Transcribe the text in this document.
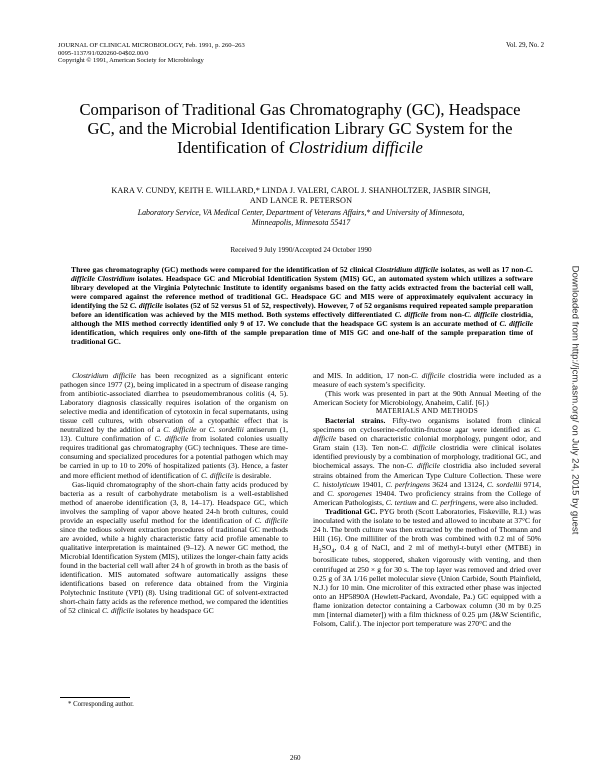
JOURNAL OF CLINICAL MICROBIOLOGY, Feb. 1991, p. 260–263
0095-1137/91/020260-04$02.00/0
Copyright © 1991, American Society for Microbiology
Vol. 29, No. 2
Comparison of Traditional Gas Chromatography (GC), Headspace
GC, and the Microbial Identification Library GC System for the
Identification of Clostridium difficile
KARA V. CUNDY, KEITH E. WILLARD,* LINDA J. VALERI, CAROL J. SHANHOLTZER, JASBIR SINGH,
AND LANCE R. PETERSON
Laboratory Service, VA Medical Center, Department of Veterans Affairs,* and University of Minnesota,
Minneapolis, Minnesota 55417
Received 9 July 1990/Accepted 24 October 1990
Three gas chromatography (GC) methods were compared for the identification of 52 clinical Clostridium difficile isolates, as well as 17 non-C. difficile Clostridium isolates. Headspace GC and Microbial Identification System (MIS) GC, an automated system which utilizes a software library developed at the Virginia Polytechnic Institute to identify organisms based on the fatty acids extracted from the bacterial cell wall, were compared against the reference method of traditional GC. Headspace GC and MIS were of approximately equivalent accuracy in identifying the 52 C. difficile isolates (52 of 52 versus 51 of 52, respectively). However, 7 of 52 organisms required repeated sample preparation before an identification was achieved by the MIS method. Both systems effectively differentiated C. difficile from non-C. difficile clostridia, although the MIS method correctly identified only 9 of 17. We conclude that the headspace GC system is an accurate method of C. difficile identification, which requires only one-fifth of the sample preparation time of MIS GC and one-half of the sample preparation time of traditional GC.

Clostridium difficile has been recognized as a significant enteric pathogen since 1977 (2), being implicated in a spectrum of disease ranging from antibiotic-associated diarrhea to pseudomembranous colitis (4, 5). Laboratory diagnosis classically requires isolation of the organism on selective media and identification of cytotoxin in fecal supernatants, using tissue cell cultures, with observation of a cytopathic effect that is neutralized by the addition of a C. difficile or C. sordellii antiserum (1, 13). Culture confirmation of C. difficile from isolated colonies usually requires traditional gas chromatography (GC) techniques. These are time-consuming and specialized procedures for a potential pathogen which may be carried in up to 10 to 20% of hospitalized patients (3). Hence, a faster and more efficient method of identification of C. difficile is desirable.

Gas-liquid chromatography of the short-chain fatty acids produced by bacteria as a result of carbohydrate metabolism is a well-established method of anaerobe identification (3, 8, 14–17). Headspace GC, which involves the sampling of vapor above heated 24-h broth cultures, could provide an especially useful method for the identification of C. difficile since the tedious solvent extraction procedures of traditional GC methods are avoided, while a highly characteristic fatty acid profile amenable to qualitative interpretation is maintained (9–12). A newer GC method, the Microbial Identification System (MIS), utilizes the longer-chain fatty acids found in the bacterial cell wall after 24 h of growth in broth as the basis of identification. MIS automated software automatically assigns these identifications based on reference data obtained from the Virginia Polytechnic Institute (VPI) (8). Using traditional GC of solvent-extracted short-chain fatty acids as the reference method, we compared the identities of 52 clinical C. difficile isolates by headspace GC

and MIS. In addition, 17 non-C. difficile clostridia were included as a measure of each system’s specificity.

(This work was presented in part at the 90th Annual Meeting of the American Society for Microbiology, Anaheim, Calif. [6].)

MATERIALS AND METHODS

Bacterial strains. Fifty-two organisms isolated from clinical specimens on cycloserine-cefoxitin-fructose agar were identified as C. difficile based on characteristic colonial morphology, pungent odor, and Gram stain (13). Ten non-C. difficile clostridia were clinical isolates identified previously by a combination of morphology, traditional GC, and biochemical assays. The non-C. difficile clostridia also included several strains obtained from the American Type Culture Collection. These were C. histolyticum 19401, C. perfringens 3624 and 13124, C. sordellii 9714, and C. sporogenes 19404. Two proficiency strains from the College of American Pathologists, C. tertium and C. perfringens, were also included.

Traditional GC. PYG broth (Scott Laboratories, Fiskeville, R.I.) was inoculated with the isolate to be tested and allowed to incubate at 37°C for 24 h. The broth culture was then extracted by the method of Thomann and Hill (16). One milliliter of the broth was combined with 0.2 ml of 50% $H_2SO_4$, 0.4 g of NaCl, and 2 ml of methyl-t-butyl ether (MTBE) in borosilicate tubes, stoppered, shaken vigorously with venting, and then centrifuged at 250 × g for 30 s. The top layer was removed and dried over 0.25 g of 3A 1/16 pellet molecular sieve (Union Carbide, South Plainfield, N.J.) for 10 min. One microliter of this extracted ether phase was injected onto an HP5890A (Hewlett-Packard, Avondale, Pa.) GC equipped with a flame ionization detector containing a Carbowax column (30 m by 0.25 mm [internal diameter]) with a film thickness of 0.25 µm (J&W Scientific, Folsom, Calif.). The injector port temperature was 270°C and the

* Corresponding author.
260
Downloaded from http://jcm.asm.org/ on July 24, 2015 by guest
